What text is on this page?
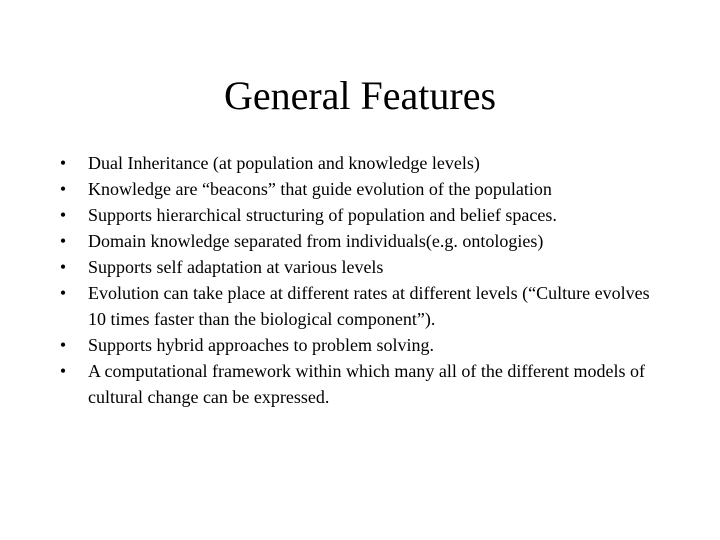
General Features
• Dual Inheritance (at population and knowledge levels)
• Knowledge are “beacons” that guide evolution of the population
• Supports hierarchical structuring of population and belief spaces.
• Domain knowledge separated from individuals(e.g. ontologies)
• Supports self adaptation at various levels
• Evolution can take place at different rates at different levels (“Culture evolves 10 times faster than the biological component”).
• Supports hybrid approaches to problem solving.
• A computational framework within which many all of the different models of cultural change can be expressed.
